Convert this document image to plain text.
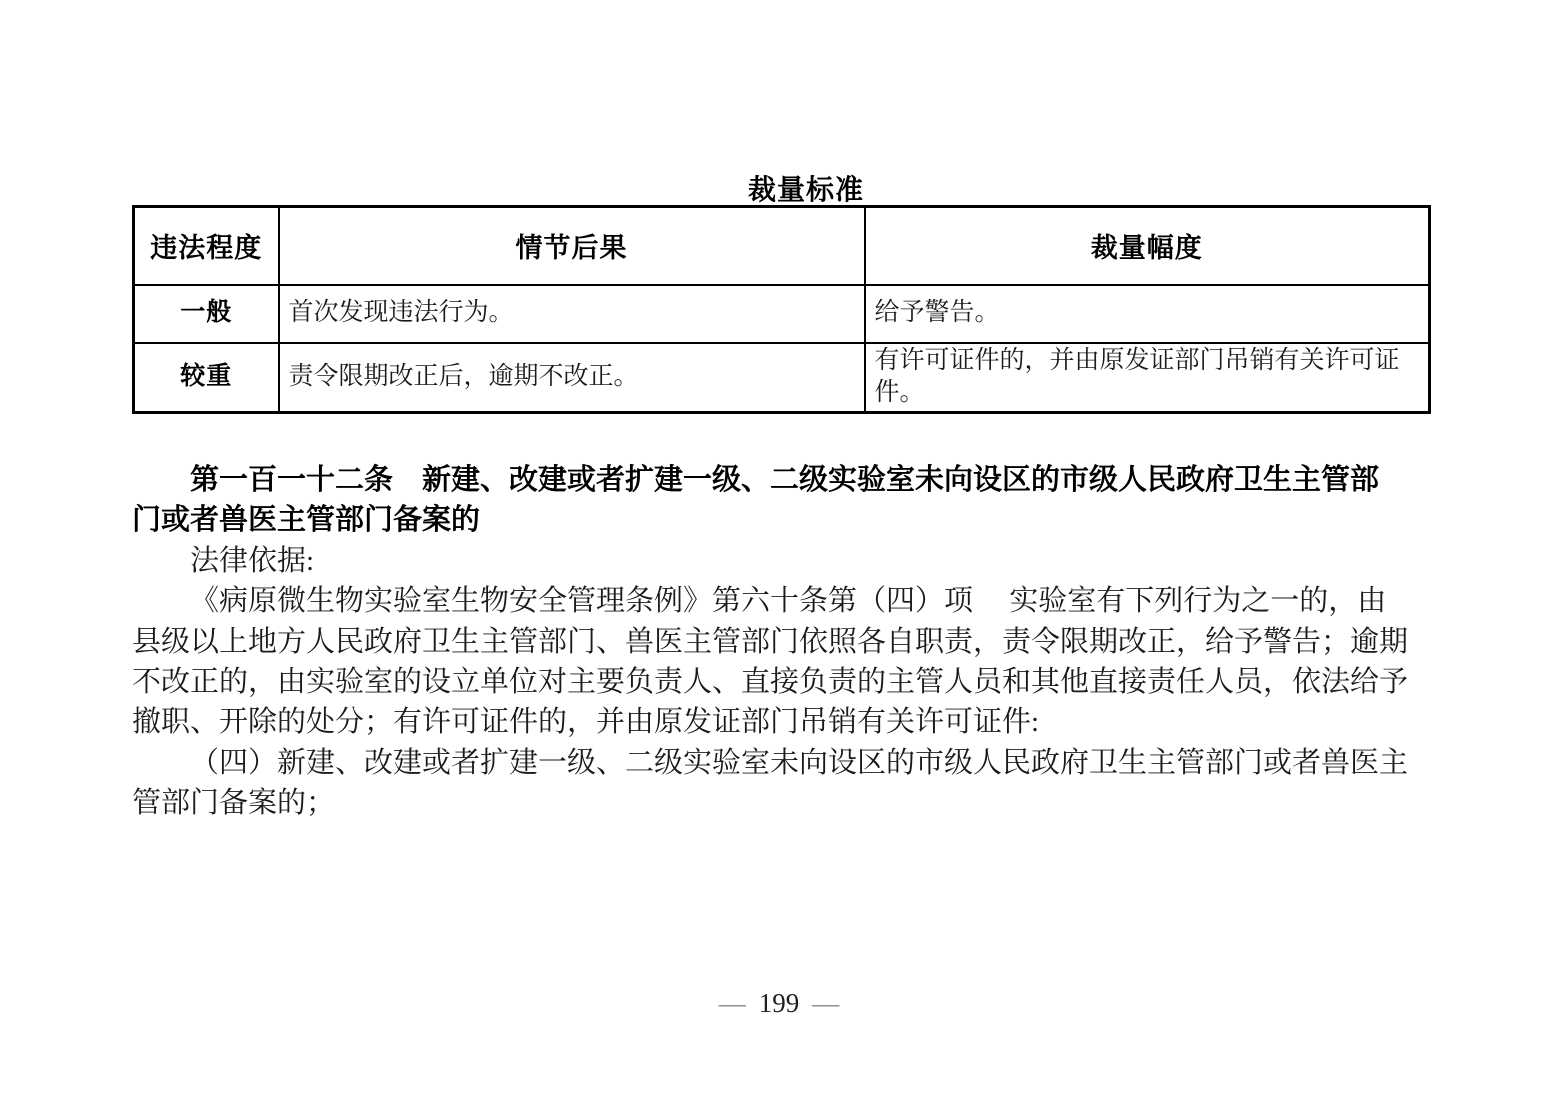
裁量标准
违法程度	情节后果	裁量幅度
一般	首次发现违法行为。	给予警告。
较重	责令限期改正后，逾期不改正。	有许可证件的，并由原发证部门吊销有关许可证件。
第一百一十二条　新建、改建或者扩建一级、二级实验室未向设区的市级人民政府卫生主管部
门或者兽医主管部门备案的
法律依据:
《病原微生物实验室生物安全管理条例》第六十条第（四）项　 实验室有下列行为之一的，由
县级以上地方人民政府卫生主管部门、兽医主管部门依照各自职责，责令限期改正，给予警告；逾期
不改正的，由实验室的设立单位对主要负责人、直接负责的主管人员和其他直接责任人员，依法给予
撤职、开除的处分；有许可证件的，并由原发证部门吊销有关许可证件:
（四）新建、改建或者扩建一级、二级实验室未向设区的市级人民政府卫生主管部门或者兽医主
管部门备案的；
— 199 —
